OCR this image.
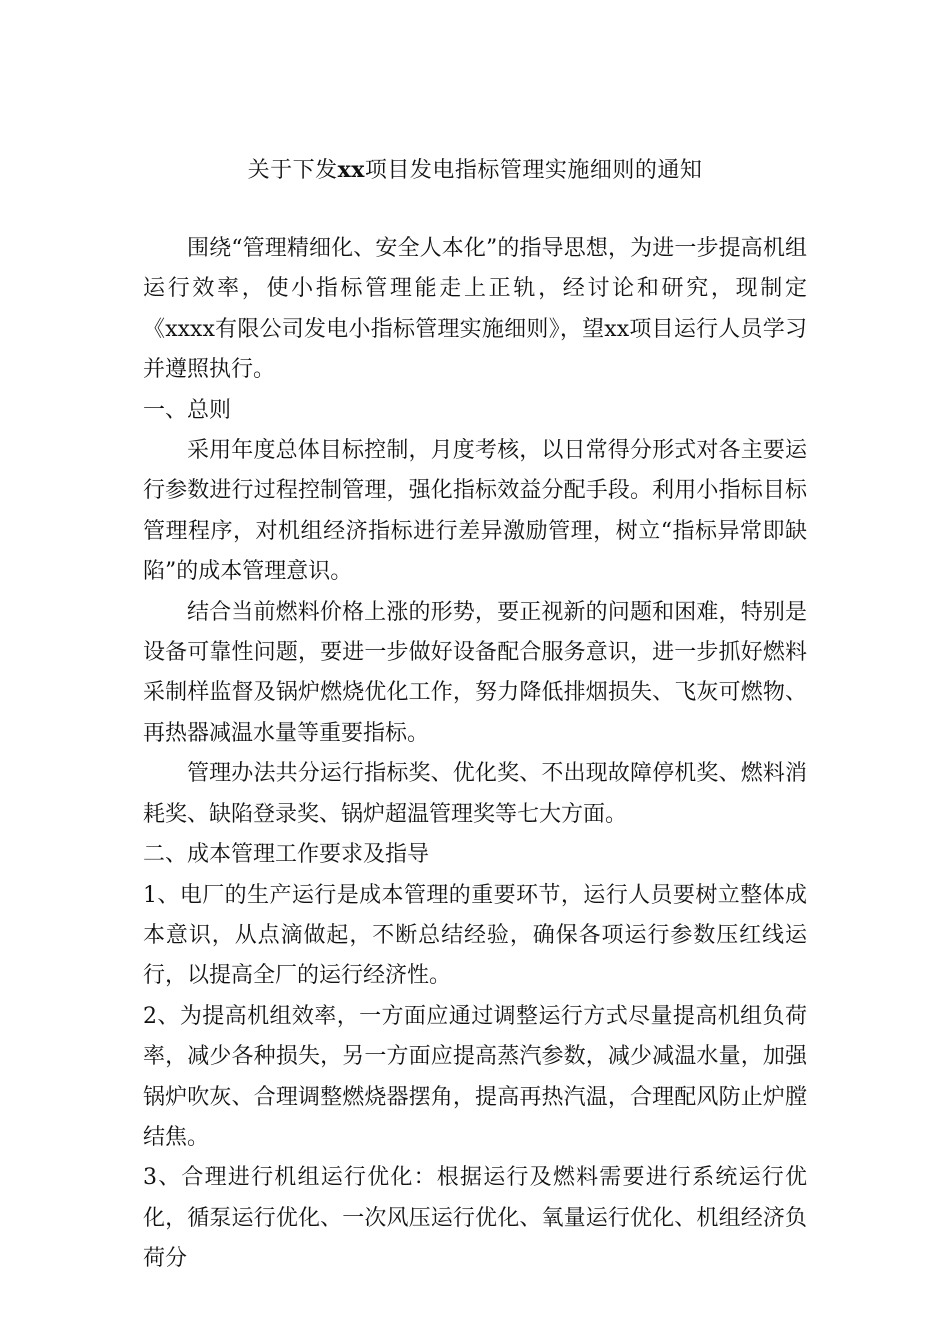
关于下发xx项目发电指标管理实施细则的通知

围绕“管理精细化、安全人本化”的指导思想，为进一步提高机组运行效率，使小指标管理能走上正轨，经讨论和研究，现制定《xxxx有限公司发电小指标管理实施细则》，望xx项目运行人员学习并遵照执行。

一、总则

采用年度总体目标控制，月度考核，以日常得分形式对各主要运行参数进行过程控制管理，强化指标效益分配手段。利用小指标目标管理程序，对机组经济指标进行差异激励管理，树立“指标异常即缺陷”的成本管理意识。

结合当前燃料价格上涨的形势，要正视新的问题和困难，特别是设备可靠性问题，要进一步做好设备配合服务意识，进一步抓好燃料采制样监督及锅炉燃烧优化工作，努力降低排烟损失、飞灰可燃物、再热器减温水量等重要指标。

管理办法共分运行指标奖、优化奖、不出现故障停机奖、燃料消耗奖、缺陷登录奖、锅炉超温管理奖等七大方面。

二、成本管理工作要求及指导

1、电厂的生产运行是成本管理的重要环节，运行人员要树立整体成本意识，从点滴做起，不断总结经验，确保各项运行参数压红线运行，以提高全厂的运行经济性。

2、为提高机组效率，一方面应通过调整运行方式尽量提高机组负荷率，减少各种损失，另一方面应提高蒸汽参数，减少减温水量，加强锅炉吹灰、合理调整燃烧器摆角，提高再热汽温，合理配风防止炉膛结焦。

3、合理进行机组运行优化：根据运行及燃料需要进行系统运行优化，循泵运行优化、一次风压运行优化、氧量运行优化、机组经济负荷分
